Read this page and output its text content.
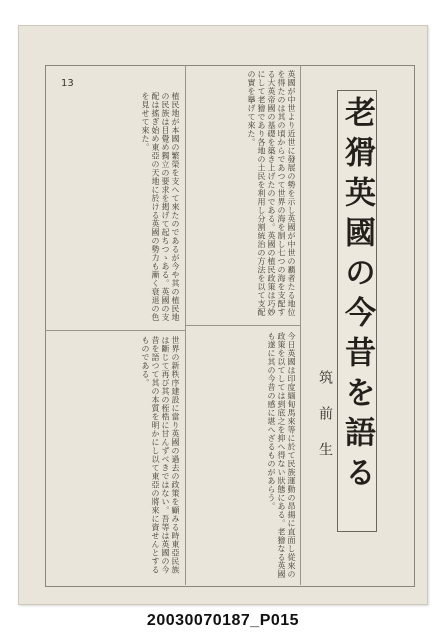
13
老猾英國の今昔を語る
筑前生
英國が中世より近世に發展の勢を示し英國が中世の覇者たる地位を得たのは其の頃からであつて世界の海を制し七つの海を支配する大英帝國の基礎を築き上げたのである。英國の植民政策は巧妙にして老獪であり各地の土民を利用し分割統治の方法を以て支配の實を擧げて來た。
植民地が本國の繁榮を支へて來たのであるが今や其の植民地の民族は目覺め獨立の要求を掲げて起ちつゝある。英國の支配は搖ぎ始め東亞の天地に於ける英國の勢力も漸く衰退の色を見せて來た。
今日英國は印度緬甸馬來等に於て民族運動の昂揚に直面し從來の政策を以てしては到底之を抑へ得ない狀態にある。老獪なる英國も遂に其の今昔の感に堪へざるものがあらう。
世界の新秩序建設に當り英國の過去の政策を顧みる時東亞民族は斷じて再び其の桎梏に甘んずべきではない。吾等は英國の今昔を語つて其の本質を明かにし以て東亞の將來に資せんとするものである。
20030070187_P015
